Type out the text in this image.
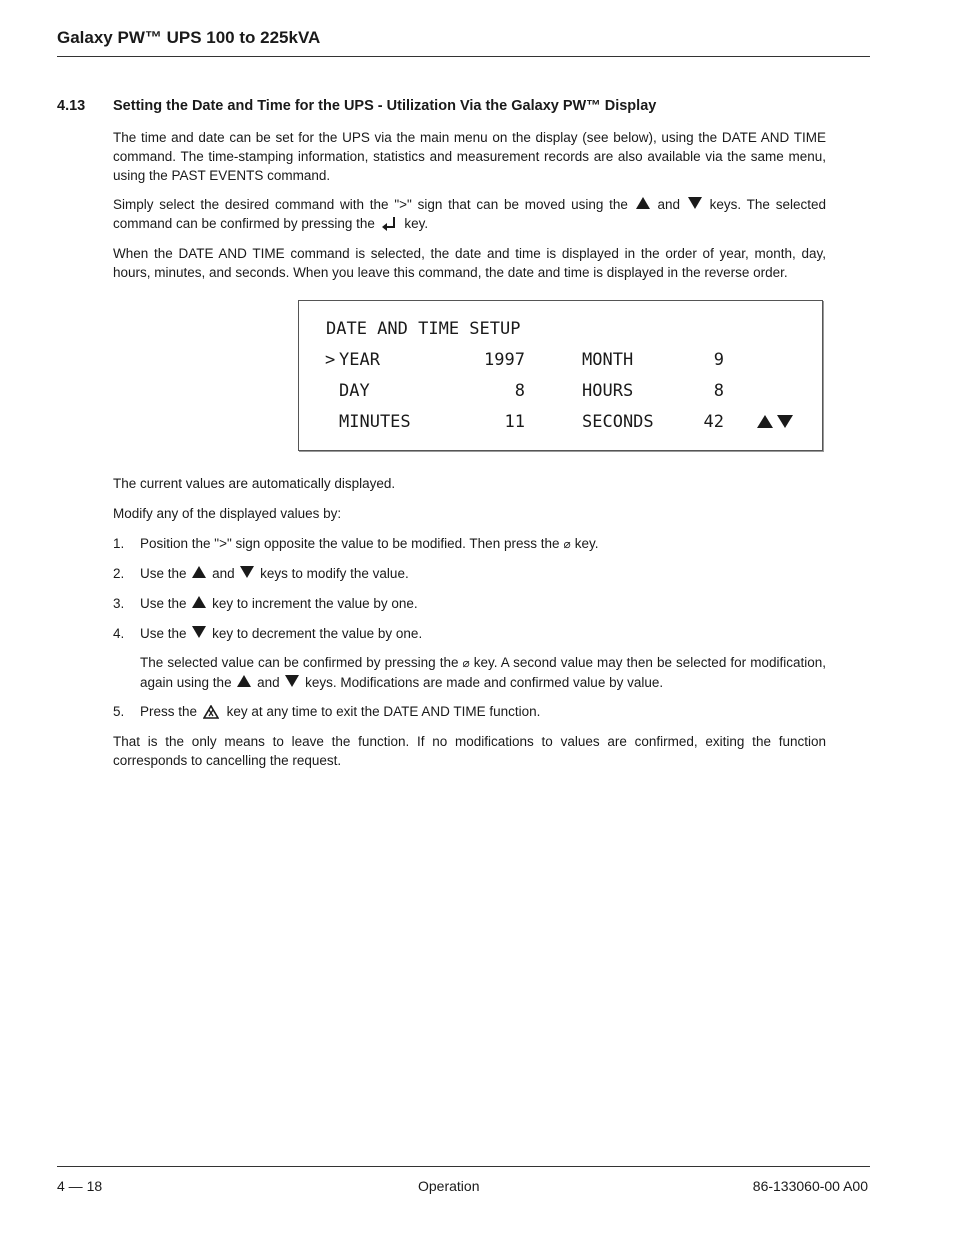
Galaxy PW™ UPS 100 to 225kVA
4.13 Setting the Date and Time for the UPS - Utilization Via the Galaxy PW™ Display
The time and date can be set for the UPS via the main menu on the display (see below), using the DATE AND TIME command. The time-stamping information, statistics and measurement records are also available via the same menu, using the PAST EVENTS command.
Simply select the desired command with the ">" sign that can be moved using the and keys. The selected command can be confirmed by pressing the key.
When the DATE AND TIME command is selected, the date and time is displayed in the order of year, month, day, hours, minutes, and seconds. When you leave this command, the date and time is displayed in the reverse order.
DATE AND TIME SETUP
> YEAR	1997	MONTH	9
DAY	8	HOURS	8
MINUTES	11	SECONDS	42
The current values are automatically displayed.
Modify any of the displayed values by:
1. Position the ">" sign opposite the value to be modified. Then press the ⌀ key.
2. Use the and keys to modify the value.
3. Use the key to increment the value by one.
4. Use the key to decrement the value by one.
The selected value can be confirmed by pressing the ⌀ key. A second value may then be selected for modification, again using the and keys. Modifications are made and confirmed value by value.
5. Press the key at any time to exit the DATE AND TIME function.
That is the only means to leave the function. If no modifications to values are confirmed, exiting the function corresponds to cancelling the request.
4 — 18	Operation	86-133060-00 A00
